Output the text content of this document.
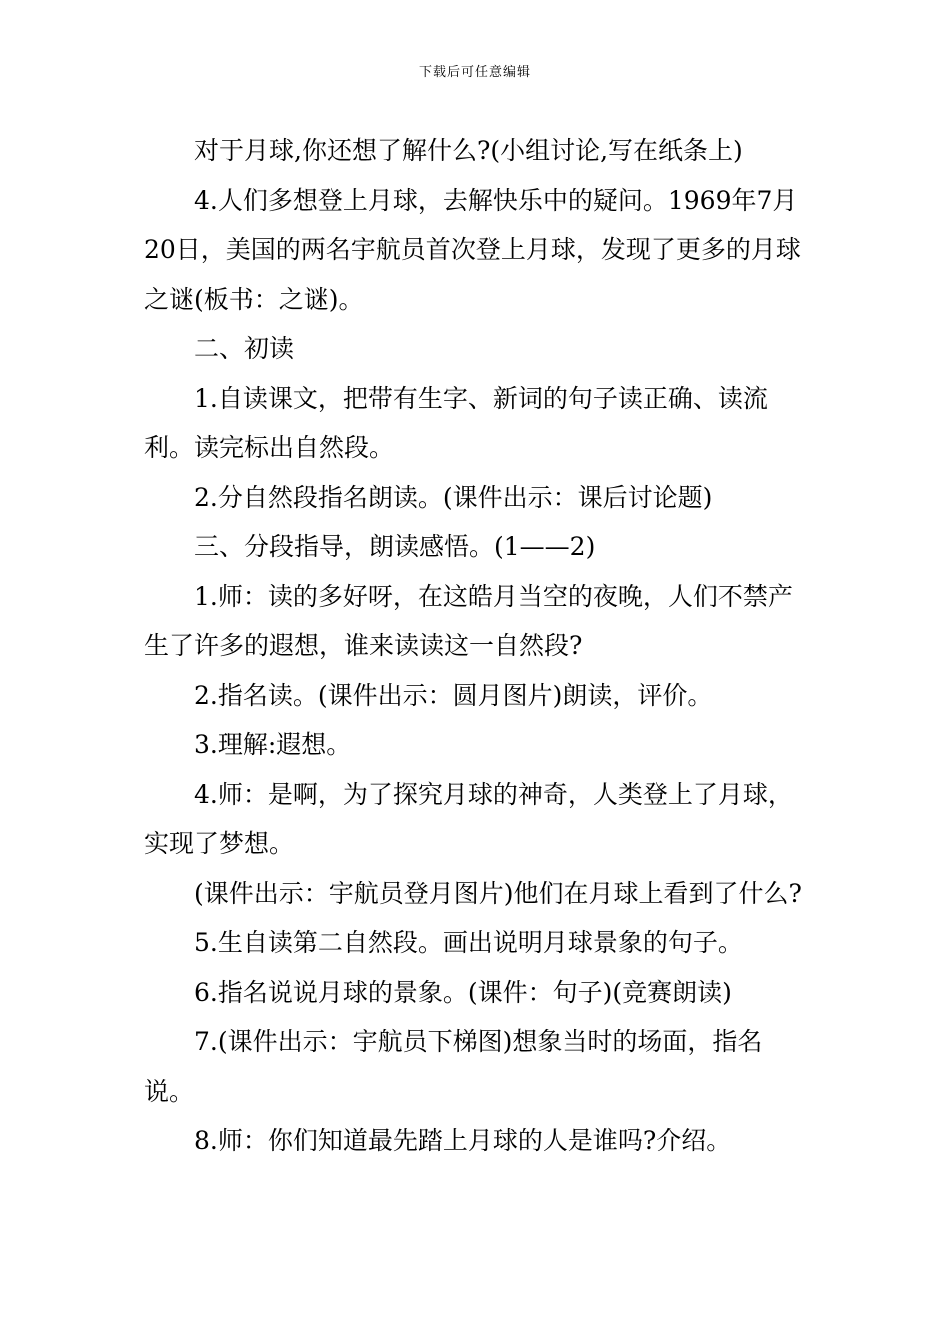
下载后可任意编辑

对于月球,你还想了解什么?(小组讨论,写在纸条上)

4.人们多想登上月球，去解快乐中的疑问。1969年7月20日，美国的两名宇航员首次登上月球，发现了更多的月球之谜(板书：之谜)。

二、初读

1.自读课文，把带有生字、新词的句子读正确、读流利。读完标出自然段。

2.分自然段指名朗读。(课件出示：课后讨论题)

三、分段指导，朗读感悟。(1——2)

1.师：读的多好呀，在这皓月当空的夜晚，人们不禁产生了许多的遐想，谁来读读这一自然段?

2.指名读。(课件出示：圆月图片)朗读，评价。

3.理解:遐想。

4.师：是啊，为了探究月球的神奇，人类登上了月球，实现了梦想。

(课件出示：宇航员登月图片)他们在月球上看到了什么?

5.生自读第二自然段。画出说明月球景象的句子。

6.指名说说月球的景象。(课件：句子)(竞赛朗读)

7.(课件出示：宇航员下梯图)想象当时的场面，指名说。

8.师：你们知道最先踏上月球的人是谁吗?介绍。
